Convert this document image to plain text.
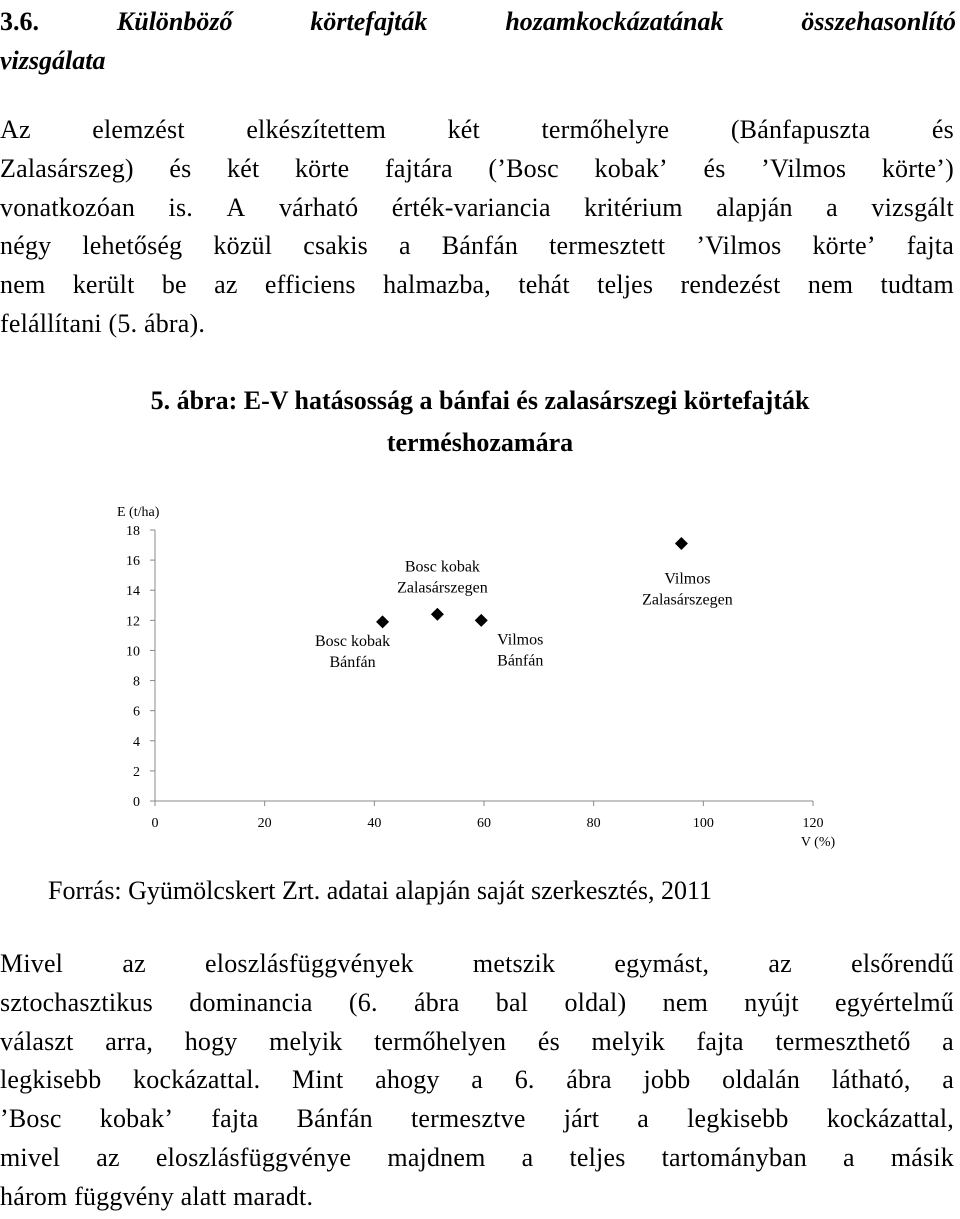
3.6.	Különböző	körtefajták	hozamkockázatának	összehasonlító
vizsgálata
Az elemzést elkészítettem két termőhelyre (Bánfapuszta és
Zalasárszeg) és két körte fajtára (’Bosc kobak’ és ’Vilmos körte’)
vonatkozóan is. A várható érték-variancia kritérium alapján a vizsgált
négy lehetőség közül csakis a Bánfán termesztett ’Vilmos körte’ fajta
nem került be az efficiens halmazba, tehát teljes rendezést nem tudtam
felállítani (5. ábra).
5. ábra: E-V hatásosság a bánfai és zalasárszegi körtefajták
terméshozamára
E (t/ha)
V (%)
0
2
4
6
8
10
12
14
16
18
0	20	40	60	80	100	120
Bosc kobak
Bánfán
Bosc kobak
Zalasárszegen
Vilmos
Bánfán
Vilmos
Zalasárszegen
Forrás: Gyümölcskert Zrt. adatai alapján saját szerkesztés, 2011
Mivel az eloszlásfüggvények metszik egymást, az elsőrendű
sztochasztikus dominancia (6. ábra bal oldal) nem nyújt egyértelmű
választ arra, hogy melyik termőhelyen és melyik fajta termeszthető a
legkisebb kockázattal. Mint ahogy a 6. ábra jobb oldalán látható, a
’Bosc kobak’ fajta Bánfán termesztve járt a legkisebb kockázattal,
mivel az eloszlásfüggvénye majdnem a teljes tartományban a másik
három függvény alatt maradt.
